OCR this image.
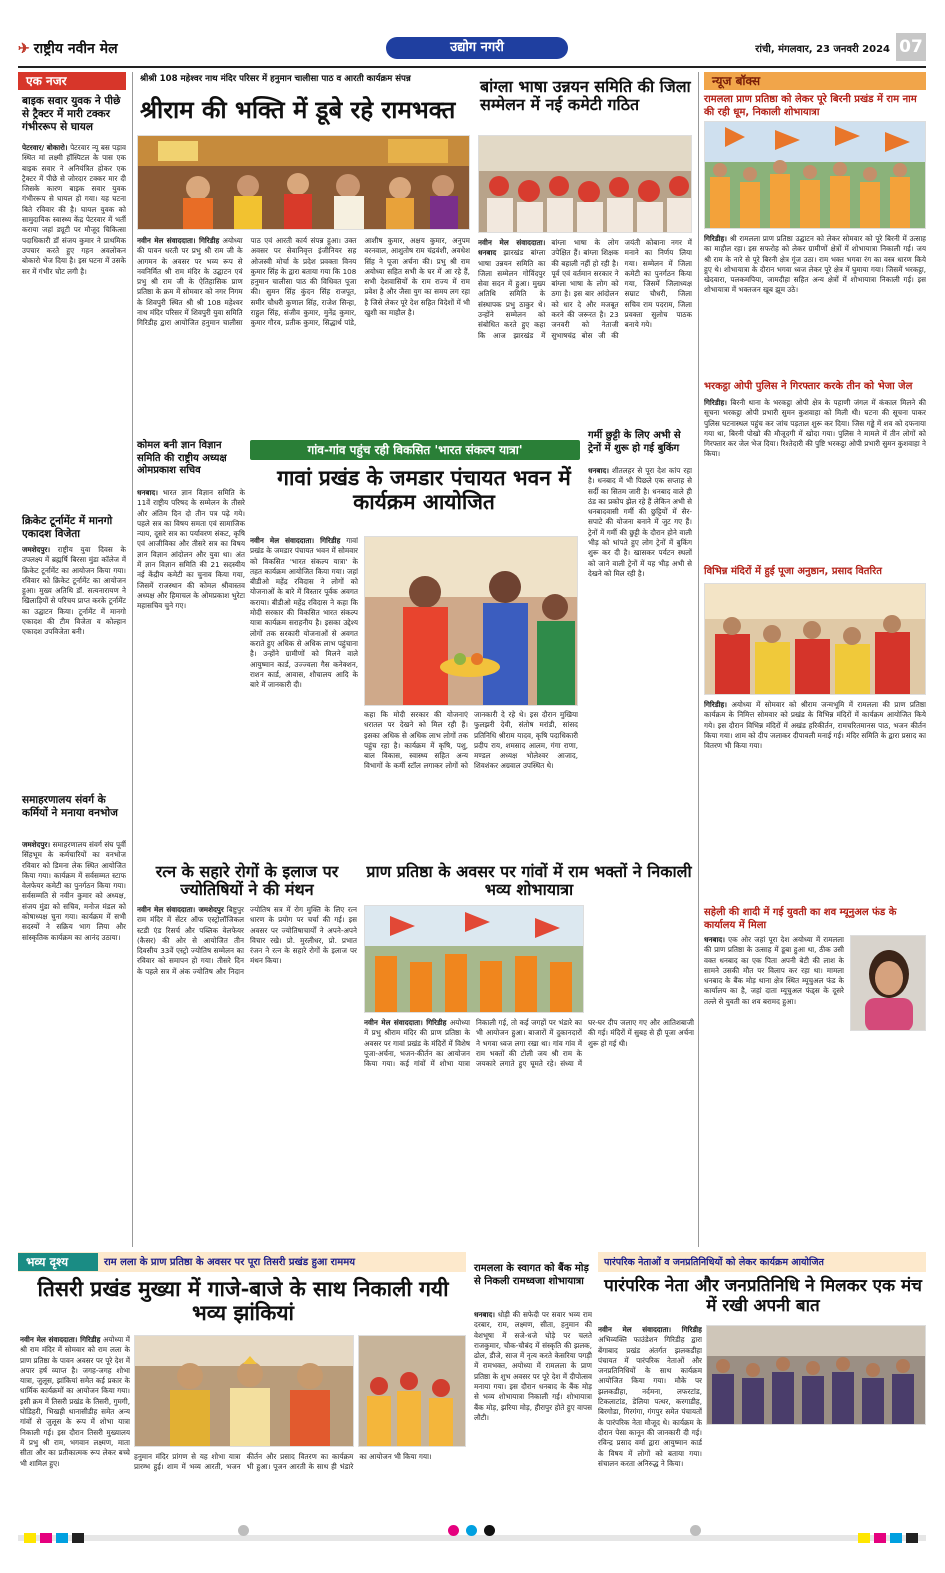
✈ राष्ट्रीय नवीन मेल	उद्योग नगरी	रांची, मंगलवार, 23 जनवरी 2024 07
एक नजर
बाइक सवार युवक ने पीछे से ट्रैक्टर में मारी टक्कर गंभीररूप से घायल
पेटरवार/ बोकारो। पेटरवार न्यू बस पड़ाव स्थित मां लक्ष्मी हॉस्पिटल के पास एक बाइक सवार ने अनियंत्रित होकर एक ट्रैक्टर में पीछे से जोरदार टक्कर मार दी जिसके कारण बाइक सवार युवक गंभीररूप से घायल हो गया। यह घटना बिते रविवार की है। घायल युवक को सामुदायिक स्वास्थ्य केंद्र पेटरवार में भर्ती कराया जहां ड्यूटी पर मौजूद चिकित्सा पदाधिकारी डॉ संजय कुमार ने प्राथमिक उपचार करते हुए गहन अवलोकन बोकारो भेज दिया है। इस घटना में उसके सर में गंभीर चोट लगी है।
क्रिकेट टूर्नामेंट में मानगो एकादश विजेता
जमशेदपुर। राष्ट्रीय युवा दिवस के उपलक्ष्य में ब्रह्मर्षि बिरसा मुंडा कॉलेज में क्रिकेट टूर्नामेंट का आयोजन किया गया। रविवार को क्रिकेट टूर्नामेंट का आयोजन हुआ। मुख्य अतिथि डॉ. सत्यनारायण ने खिलाड़ियों से परिचय प्राप्त करके टूर्नामेंट का उद्घाटन किया। टूर्नामेंट में मानगो एकादश की टीम विजेता व कोल्हान एकादश उपविजेता बनी।
समाहरणालय संवर्ग के कर्मियों ने मनाया वनभोज
जमशेदपुर। समाहरणालय संवर्ग संघ पूर्वी सिंहभूम के कर्मचारियों का वनभोज रविवार को डिमना लेक स्थित आयोजित किया गया। कार्यक्रम में सर्वसम्मत स्टाफ वेलफेयर कमेटी का पुनर्गठन किया गया। सर्वसम्मति से नवीन कुमार को अध्यक्ष, संजय मुंडा को सचिव, मनोज मंडल को कोषाध्यक्ष चुना गया। कार्यक्रम में सभी सदस्यों ने सक्रिय भाग लिया और सांस्कृतिक कार्यक्रम का आनंद उठाया।
श्रीश्री 108 महेश्वर नाथ मंदिर परिसर में हनुमान चालीसा पाठ व आरती कार्यक्रम संपन्न
श्रीराम की भक्ति में डूबे रहे रामभक्त
नवीन मेल संवाददाता। गिरिडीह अयोध्या की पावन धरती पर प्रभु श्री राम जी के आगमन के अवसर पर भव्य रूप से नवनिर्मित श्री राम मंदिर के उद्घाटन एवं प्रभु श्री राम जी के ऐतिहासिक प्राण प्रतिष्ठा के क्रम में सोमवार को नगर निगम के शिवपुरी स्थित श्री श्री 108 महेश्वर नाथ मंदिर परिसर में शिवपुरी युवा समिति गिरिडीह द्वारा आयोजित हनुमान चालीसा पाठ एवं आरती कार्य संपन्न हुआ। उक्त अवसर पर सेवानिवृत्त इंजीनियर सह ओजस्वी मोर्चा के प्रदेश प्रवक्ता विनय कुमार सिंह के द्वारा बताया गया कि 108 हनुमान चालीसा पाठ की विधिवत पूजा की। सुमन सिंह कुंदन सिंह राजपूत, समीर चौधरी कुणाल सिंह, राजेश सिन्हा, राहुल सिंह, संजीव कुमार, मुनेंद्र कुमार, कुमार गौरव, प्रतीक कुमार, सिद्धार्थ पांडे, आशीष कुमार, अक्षय कुमार, अनुपम वरनवाल, आशुतोष राम चंद्रवंशी, अवधेश सिंह ने पूजा अर्चना की। प्रभु श्री राम अयोध्या सहित सभी के घर में आ रहे हैं, सभी देशवासियों के राम राज्य में राम प्रवेश है और जैसा युग का समय लग रहा है जिसे लेकर पूरे देश सहित विदेशों में भी खुशी का माहौल है।
बांग्ला भाषा उन्नयन समिति की जिला सम्मेलन में नई कमेटी गठित
नवीन मेल संवाददाता। धनबाद झारखंड बांग्ला भाषा उन्नयन समिति का जिला सम्मेलन गोविंदपुर सेवा सदन में हुआ। मुख्य अतिथि समिति के संस्थापक प्रभु ठाकुर थे। उन्होंने सम्मेलन को संबोधित करते हुए कहा कि आज झारखंड में बांग्ला भाषा के लोग उपेक्षित हैं। बांग्ला शिक्षक की बहाली नहीं हो रही है। पूर्व एवं वर्तमान सरकार ने बांग्ला भाषा के लोग को ठगा है। इस बार आंदोलन को धार दे और मजबूत करने की जरूरत है। 23 जनवरी को नेताजी सुभाषचंद्र बोस जी की जयंती कोबाना नगर में मनाने का निर्णय लिया गया। सम्मेलन में जिला कमेटी का पुनर्गठन किया गया, जिसमें जिलाध्यक्ष सम्राट चौधरी, जिला सचिव राम पदराम, जिला प्रवक्ता सुलोच पाठक बनाये गये।
न्यूज बॉक्स
रामलला प्राण प्रतिष्ठा को लेकर पूरे बिरनी प्रखंड में राम नाम की रही धूम, निकाली शोभायात्रा
गिरिडीह। श्री रामलला प्राण प्रतिष्ठा उद्घाटन को लेकर सोमवार को पूरे बिरनी में उत्साह का माहौल रहा। इस सफरोह को लेकर ग्रामीणों क्षेत्रों में शोभायात्रा निकाली गई। जय श्री राम के नारे से पूरे बिरनी क्षेत्र गूंज उठा। राम भक्त भगवा रंग का वस्त्र धारण किये हुए थे। शोभायात्रा के दौरान भगवा ध्वज लेकर पूरे क्षेत्र में घुमाया गया। जिसमें भरकट्ठा, खेदवारा, पलकमपिया, जामदीहा सहित अन्य क्षेत्रों में शोभायात्रा निकाली गई। इस शोभायात्रा में भक्तजन खूब झूम उठे।
भरकट्ठा ओपी पुलिस ने गिरफ्तार करके तीन को भेजा जेल
गिरिडीह। बिरनी थाना के भरकट्ठा ओपी क्षेत्र के पहाणी जंगल में कंकाल मिलने की सूचना भरकट्ठा ओपी प्रभारी सुमन कुशवाहा को मिली थी। घटना की सूचना पाकर पुलिस घटनास्थल पहुंच कर जांच पड़ताल शुरू कर दिया। जिस गड्ढे में शव को दफनाया गया था, बिरनी पोखो की मौजूदगी में खोदा गया। पुलिस ने मामले में तीन लोगों को गिरफ्तार कर जेल भेज दिया। रिश्तेदारी की पुष्टि भरकट्ठा ओपी प्रभारी सुमन कुशवाहा ने किया।
विभिन्न मंदिरों में हुई पूजा अनुष्ठान, प्रसाद वितरित
गिरिडीह। अयोध्या में सोमवार को श्रीराम जन्मभूमि में रामलला की प्राण प्रतिष्ठा कार्यक्रम के निमित्त सोमवार को प्रखंड के विभिन्न मंदिरों में कार्यक्रम आयोजित किये गये। इस दौरान विभिन्न मंदिरों में अखंड हरिकीर्तन, रामचरितमानस पाठ, भजन कीर्तन किया गया। शाम को दीप जलाकर दीपावली मनाई गई। मंदिर समिति के द्वारा प्रसाद का वितरण भी किया गया।
सहेली की शादी में गई युवती का शव म्यूनुअल फंड के कार्यालय में मिला
धनबाद। एक ओर जहां पूरा देश अयोध्या में रामलला की प्राण प्रतिष्ठा के उत्साह में डूबा हुआ था, ठीक उसी वक्त धनबाद का एक पिता अपनी बेटी की लाश के सामने उसकी मौत पर विलाप कर रहा था। मामला धनबाद के बैंक मोड़ थाना क्षेत्र स्थित म्यूचुअल फंड के कार्यालय का है, जहां दाता म्यूचुअल फंड्स के दूसरे तल्ले से युवती का शव बरामद हुआ।
कोमल बनी ज्ञान विज्ञान समिति की राष्ट्रीय अध्यक्ष ओमप्रकाश सचिव
धनबाद। भारत ज्ञान विज्ञान समिति के 11वें राष्ट्रीय परिषद के सम्मेलन के तीसरे और अंतिम दिन दो तीन पत्र पढ़े गये। पहले सत्र का विषय समता एवं सामाजिक न्याय, दूसरे सत्र का पर्यावरण संकट, कृषि एवं आजीविका और तीसरे सत्र का विषय ज्ञान विज्ञान आंदोलन और युवा था। अंत में ज्ञान विज्ञान समिति की 21 सदस्यीय नई केंद्रीय कमेटी का चुनाव किया गया, जिसमें राजस्थान की कोमल श्रीवास्तव अध्यक्ष और हिमाचल के ओमप्रकाश भुरेटा महासचिव चुने गए।
गांव-गांव पहुंच रही विकसित 'भारत संकल्प यात्रा'
गावां प्रखंड के जमडार पंचायत भवन में कार्यक्रम आयोजित
नवीन मेल संवाददाता। गिरिडीह गावां प्रखंड के जमडार पंचायत भवन में सोमवार को विकसित 'भारत संकल्प यात्रा' के तहत कार्यक्रम आयोजित किया गया। जहां बीडीओ महेंद्र रविदास ने लोगों को योजनाओं के बारे में विस्तार पूर्वक अवगत कराया। बीडीओ महेंद्र रविदास ने कहा कि मोदी सरकार की विकसित भारत संकल्प यात्रा कार्यक्रम सराहनीय है। इसका उद्देश्य लोगों तक सरकारी योजनाओं से अवगत कराते हुए अधिक से अधिक लाभ पहुंचाना है। उन्होंने ग्रामीणों को मिलने वाले आयुष्मान कार्ड, उज्ज्वला गैस कनेक्शन, राशन कार्ड, आवास, शौचालय आदि के बारे में जानकारी दी।
कहा कि मोदी सरकार की योजनाएं धरातल पर देखने को मिल रही हैं। इसका अधिक से अधिक लाभ लोगों तक पहुंच रहा है। कार्यक्रम में कृषि, पशु, बाल विकास, स्वास्थ्य सहित अन्य विभागों के कर्मी स्टॉल लगाकर लोगों को जानकारी दे रहे थे। इस दौरान मुखिया फुलझरी देवी, संतोष मरांडी, सांसद प्रतिनिधि श्रीराम यादव, कृषि पदाधिकारी प्रदीप राय, शमसाद आलम, गंगा राणा, मण्डल अध्यक्ष भोलेश्वर आजाद, शिवशंकर अग्रवाल उपस्थित थे।
गर्मी छुट्टी के लिए अभी से ट्रेनों में शुरू हो गई बुकिंग
धनबाद। शीतलहर से पूरा देश कांप रहा है। धनबाद में भी पिछले एक सप्ताह से सर्दी का सितम जारी है। धनबाद वाले ही ठंड का प्रकोप झेल रहे हैं लेकिन अभी से धनबादवासी गर्मी की छुट्टियों में सैर-सपाटे की योजना बनाने में जुट गए हैं। ट्रेनों में गर्मी की छुट्टी के दौरान होने वाली भीड़ को भांपते हुए लोग ट्रेनों में बुकिंग शुरू कर दी है। खासकर पर्यटन स्थलों को जाने वाली ट्रेनों में यह भीड़ अभी से देखने को मिल रही है।
रत्न के सहारे रोगों के इलाज पर ज्योतिषियों ने की मंथन
नवीन मेल संवाददाता। जमशेदपुर बिष्टुपुर राम मंदिर में सेंटर ऑफ एस्ट्रोलॉजिकल स्टडी एंड रिसर्च और पब्लिक वेलफेयर (कैसर) की ओर से आयोजित तीन दिवसीय 33वें एस्ट्रो ज्योतिष सम्मेलन का रविवार को समापन हो गया। तीसरे दिन के पहले सत्र में अंक ज्योतिष और निदान ज्योतिष सत्र में रोग मुक्ति के लिए रत्न धारण के प्रयोग पर चर्चा की गई। इस अवसर पर ज्योतिषाचार्यों ने अपने-अपने विचार रखे। प्रो. मुरलीधर, प्रो. प्रभात रंजन ने रत्न के सहारे रोगों के इलाज पर मंथन किया।
प्राण प्रतिष्ठा के अवसर पर गांवों में राम भक्तों ने निकाली भव्य शोभायात्रा
नवीन मेल संवाददाता। गिरिडीह अयोध्या में प्रभु श्रीराम मंदिर की प्राण प्रतिष्ठा के अवसर पर गावां प्रखंड के मंदिरों में विशेष पूजा-अर्चना, भजन-कीर्तन का आयोजन किया गया। कई गांवों में शोभा यात्रा निकाली गई, तो कई जगहों पर भंडारे का भी आयोजन हुआ। बाजारों में दुकानदारों ने भगवा ध्वज लगा रखा था। गांव गांव में राम भक्तों की टोली जय श्री राम के जयकारे लगाते हुए घूमते रहे। संध्या में घर-घर दीप जलाए गए और आतिशबाजी की गई। मंदिरों में सुबह से ही पूजा अर्चना शुरू हो गई थी।
भव्य दृश्य	राम लला के प्राण प्रतिष्ठा के अवसर पर पूरा तिसरी प्रखंड हुआ राममय
तिसरी प्रखंड मुख्या में गाजे-बाजे के साथ निकाली गयी भव्य झांकियां
नवीन मेल संवाददाता। गिरिडीह अयोध्या में श्री राम मंदिर में सोमवार को राम लला के प्राण प्रतिष्ठा के पावन अवसर पर पूरे देश में अपार हर्ष व्याप्त है। जगह-जगह शोभा यात्रा, जुलूस, झांकियां समेत कई प्रकार के धार्मिक कार्यक्रमों का आयोजन किया गया। इसी क्रम में तिसरी प्रखंड के तिसरी, गुमगी, घोडिहरी, भिखही थानासीडीह समेत अन्य गांवों से जुलूस के रूप में शोभा यात्रा निकाली गई। इस दौरान तिसरी मुख्यालय में प्रभु श्री राम, भगवान लक्ष्मण, माता सीता और का प्रतीकात्मक रूप लेकर बच्चे भी शामिल हुए।
हनुमान मंदिर प्रांगण से यह शोभा यात्रा प्रारम्भ हुई। शाम में भव्य आरती, भजन कीर्तन और प्रसाद वितरण का कार्यक्रम भी हुआ। पूजन आरती के साथ ही भंडारे का आयोजन भी किया गया।
रामलला के स्वागत को बैंक मोड़ से निकली रामध्वजा शोभायात्रा
धनबाद। धोड़ी की सफेदी पर सवार भव्य राम दरबार, राम, लक्ष्मण, सीता, हनुमान की वेशभूषा में सजे-धजे घोड़े पर चलते राजकुमार, चौक-चौबंद में संस्कृति की झलक, ढोल, डीजे, साज में नृत्य करते केसरिया पगड़ी में रामभक्त, अयोध्या में रामलला के प्राण प्रतिष्ठा के शुभ अवसर पर पूरे देश में दीपोत्सव मनाया गया। इस दौरान धनबाद के बैंक मोड़ से भव्य शोभायात्रा निकाली गई। शोभायात्रा बैंक मोड़, झरिया मोड़, हीरापुर होते हुए वापस लौटी।
पारंपरिक नेताओं व जनप्रतिनिधियों को लेकर कार्यक्रम आयोजित
पारंपरिक नेता और जनप्रतिनिधि ने मिलकर एक मंच में रखी अपनी बात
नवीन मेल संवाददाता। गिरिडीह अभिव्यक्ति फाउंडेशन गिरिडीह द्वारा बेंगाबाद प्रखंड अंतर्गत झलकडीहा पंचायत में पारंपरिक नेताओं और जनप्रतिनिधियों के साथ कार्यक्रम आयोजित किया गया। मौके पर झलकडीहा, नर्दमना, लफरटांड, टिकलाटांड, डेलिया पत्थर, करगाडीह, बिरगोडा, गिरगंगा, गंगपुर समेत पंचायतों के पारंपरिक नेता मौजूद थे। कार्यक्रम के दौरान पेसा कानून की जानकारी दी गई। रविन्द्र प्रसाद वर्मा द्वारा आयुष्मान कार्ड के विषय में लोगों को बताया गया। संचालन करता अनिरुद्ध ने किया।
